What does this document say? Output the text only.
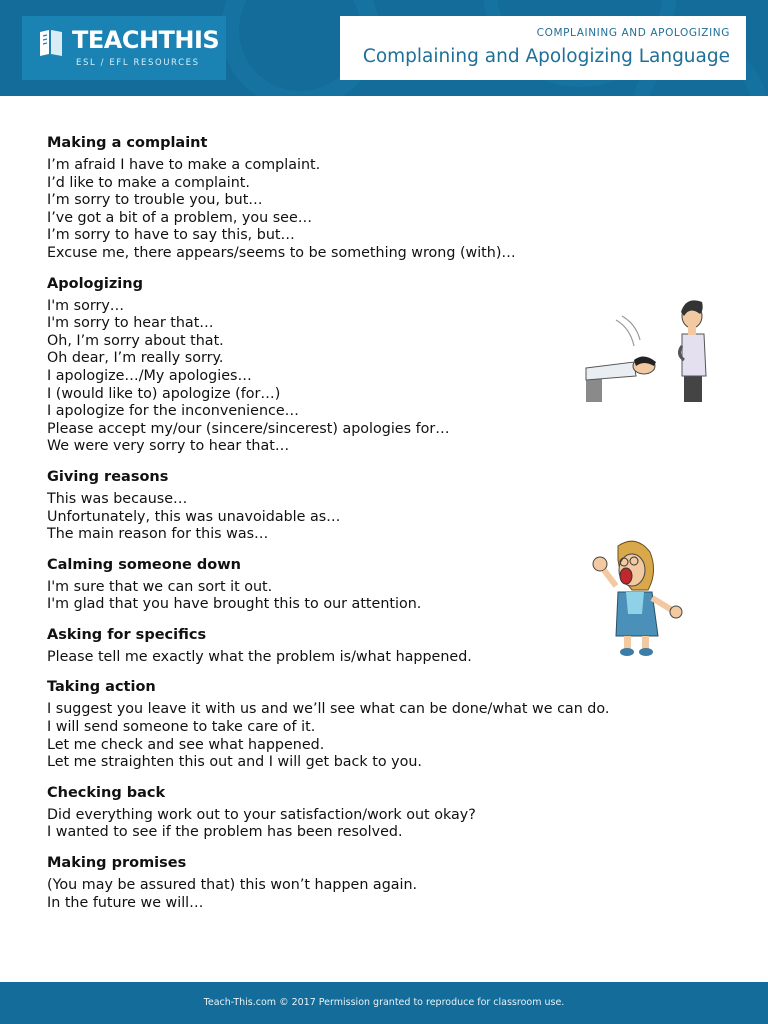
TEACHTHIS
ESL / EFL RESOURCES
COMPLAINING AND APOLOGIZING
Complaining and Apologizing Language
Making a complaint
I’m afraid I have to make a complaint.
I’d like to make a complaint.
I’m sorry to trouble you, but…
I’ve got a bit of a problem, you see…
I’m sorry to have to say this, but…
Excuse me, there appears/seems to be something wrong (with)…
Apologizing
I'm sorry…
I'm sorry to hear that…
Oh, I’m sorry about that.
Oh dear, I’m really sorry.
I apologize…/My apologies…
I (would like to) apologize (for…)
I apologize for the inconvenience…
Please accept my/our (sincere/sincerest) apologies for…
We were very sorry to hear that…
Giving reasons
This was because…
Unfortunately, this was unavoidable as…
The main reason for this was…
Calming someone down
I'm sure that we can sort it out.
I'm glad that you have brought this to our attention.
Asking for specifics
Please tell me exactly what the problem is/what happened.
Taking action
I suggest you leave it with us and we’ll see what can be done/what we can do.
I will send someone to take care of it.
Let me check and see what happened.
Let me straighten this out and I will get back to you.
Checking back
Did everything work out to your satisfaction/work out okay?
I wanted to see if the problem has been resolved.
Making promises
(You may be assured that) this won’t happen again.
In the future we will…
Teach-This.com © 2017 Permission granted to reproduce for classroom use.
